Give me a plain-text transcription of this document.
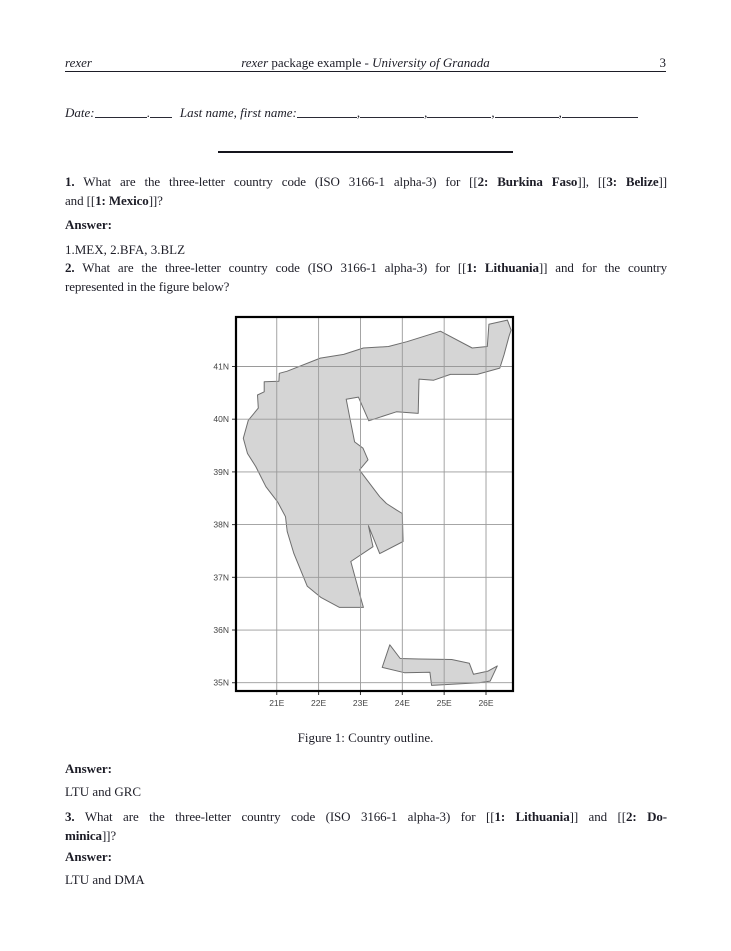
rexer	rexer package example - University of Granada	3
Date:	. Last name, first name:	,	,	,	,
1. What are the three-letter country code (ISO 3166-1 alpha-3) for [[2: Burkina Faso]], [[3: Belize]]
and [[1: Mexico]]?
Answer:
1.MEX, 2.BFA, 3.BLZ
2. What are the three-letter country code (ISO 3166-1 alpha-3) for [[1: Lithuania]] and for the country
represented in the figure below?
21E	22E	23E	24E	25E	26E
41N
40N
39N
38N
37N
36N
35N
Figure 1: Country outline.
Answer:
LTU and GRC
3. What are the three-letter country code (ISO 3166-1 alpha-3) for [[1: Lithuania]] and [[2: Do-
minica]]?
Answer:
LTU and DMA
